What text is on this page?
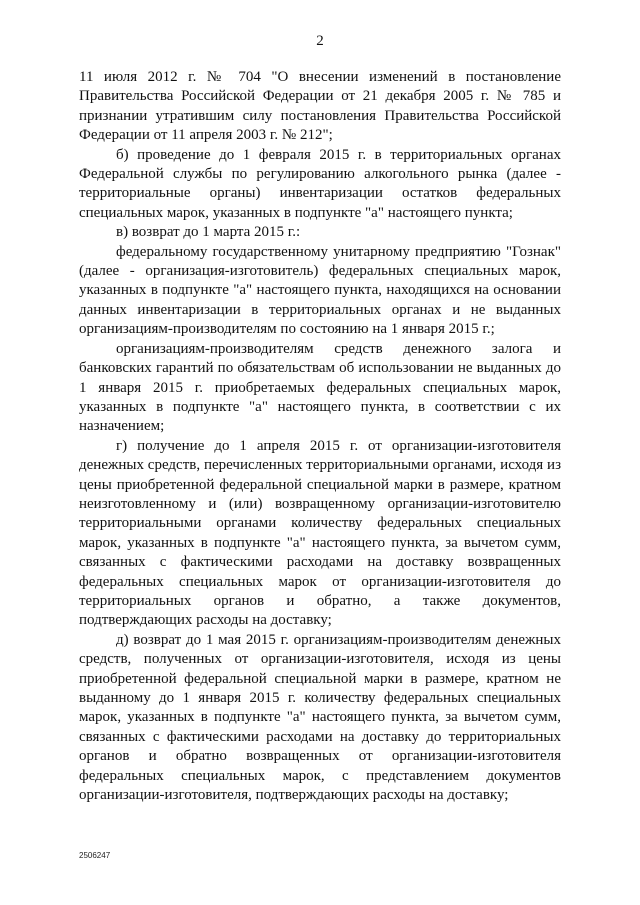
2

11 июля 2012 г. № 704 "О внесении изменений в постановление Правительства Российской Федерации от 21 декабря 2005 г. № 785 и признании утратившим силу постановления Правительства Российской Федерации от 11 апреля 2003 г. № 212";

б) проведение до 1 февраля 2015 г. в территориальных органах Федеральной службы по регулированию алкогольного рынка (далее - территориальные органы) инвентаризации остатков федеральных специальных марок, указанных в подпункте "а" настоящего пункта;

в) возврат до 1 марта 2015 г.:

федеральному государственному унитарному предприятию "Гознак" (далее - организация-изготовитель) федеральных специальных марок, указанных в подпункте "а" настоящего пункта, находящихся на основании данных инвентаризации в территориальных органах и не выданных организациям-производителям по состоянию на 1 января 2015 г.;

организациям-производителям средств денежного залога и банковских гарантий по обязательствам об использовании не выданных до 1 января 2015 г. приобретаемых федеральных специальных марок, указанных в подпункте "а" настоящего пункта, в соответствии с их назначением;

г) получение до 1 апреля 2015 г. от организации-изготовителя денежных средств, перечисленных территориальными органами, исходя из цены приобретенной федеральной специальной марки в размере, кратном неизготовленному и (или) возвращенному организации-изготовителю территориальными органами количеству федеральных специальных марок, указанных в подпункте "а" настоящего пункта, за вычетом сумм, связанных с фактическими расходами на доставку возвращенных федеральных специальных марок от организации-изготовителя до территориальных органов и обратно, а также документов, подтверждающих расходы на доставку;

д) возврат до 1 мая 2015 г. организациям-производителям денежных средств, полученных от организации-изготовителя, исходя из цены приобретенной федеральной специальной марки в размере, кратном не выданному до 1 января 2015 г. количеству федеральных специальных марок, указанных в подпункте "а" настоящего пункта, за вычетом сумм, связанных с фактическими расходами на доставку до территориальных органов и обратно возвращенных от организации-изготовителя федеральных специальных марок, с представлением документов организации-изготовителя, подтверждающих расходы на доставку;

2506247
